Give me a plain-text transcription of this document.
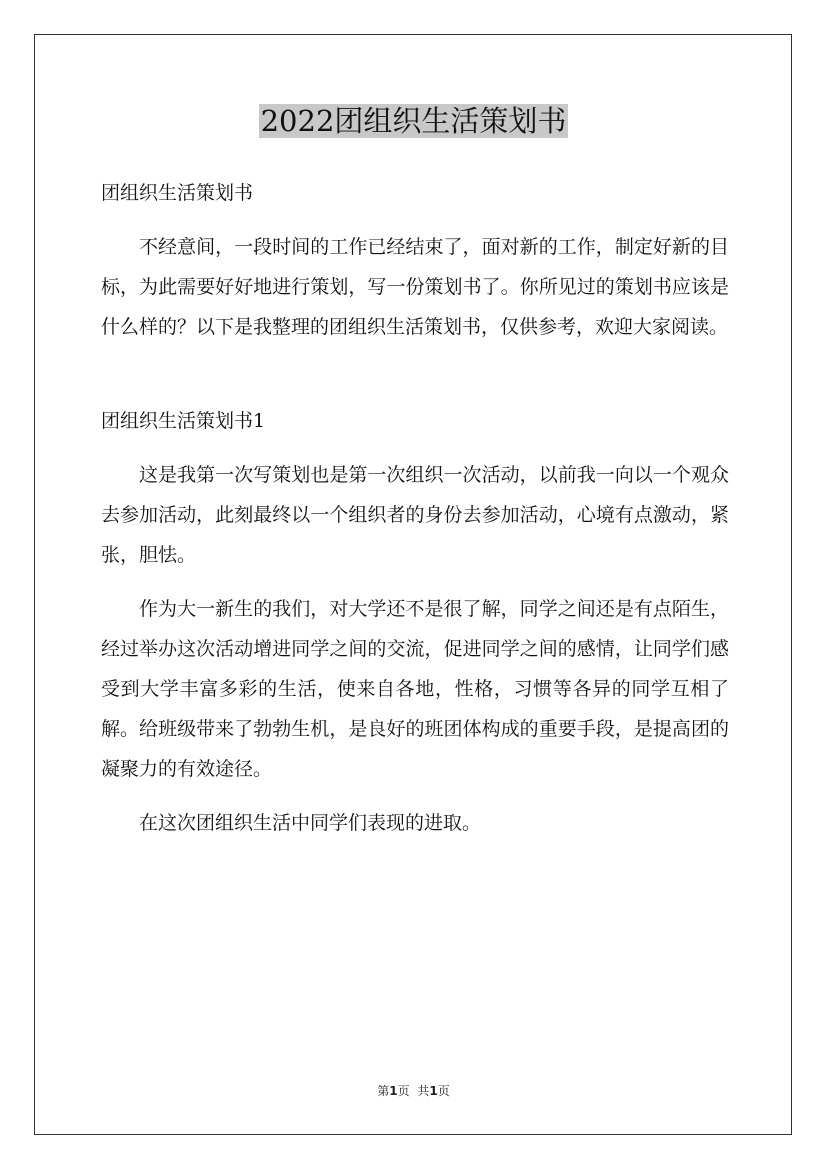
2022团组织生活策划书

团组织生活策划书

不经意间，一段时间的工作已经结束了，面对新的工作，制定好新的目标，为此需要好好地进行策划，写一份策划书了。你所见过的策划书应该是什么样的？以下是我整理的团组织生活策划书，仅供参考，欢迎大家阅读。

团组织生活策划书1

这是我第一次写策划也是第一次组织一次活动，以前我一向以一个观众去参加活动，此刻最终以一个组织者的身份去参加活动，心境有点激动，紧张，胆怯。

作为大一新生的我们，对大学还不是很了解，同学之间还是有点陌生，经过举办这次活动增进同学之间的交流，促进同学之间的感情，让同学们感受到大学丰富多彩的生活，使来自各地，性格，习惯等各异的同学互相了解。给班级带来了勃勃生机，是良好的班团体构成的重要手段，是提高团的凝聚力的有效途径。

在这次团组织生活中同学们表现的进取。

第1页 共1页
